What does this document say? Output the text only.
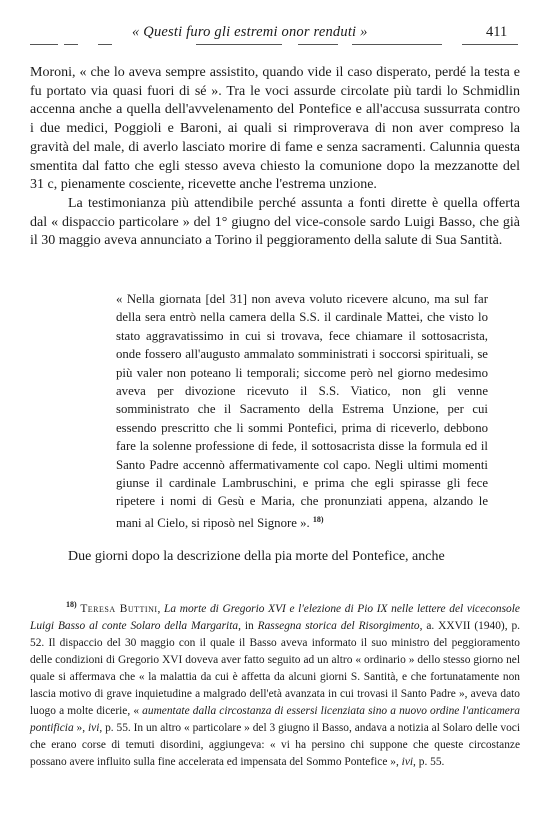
« Questi furo gli estremi onor renduti »	411

Moroni, « che lo aveva sempre assistito, quando vide il caso disperato, perdé la testa e fu portato via quasi fuori di sé ». Tra le voci assurde circolate più tardi lo Schmidlin accenna anche a quella dell'avvelenamento del Pontefice e all'accusa sussurrata contro i due medici, Poggioli e Baroni, ai quali si rimproverava di non aver compreso la gravità del male, di averlo lasciato morire di fame e senza sacramenti. Calunnia questa smentita dal fatto che egli stesso aveva chiesto la comunione dopo la mezzanotte del 31 c, pienamente cosciente, ricevette anche l'estrema unzione.

La testimonianza più attendibile perché assunta a fonti dirette è quella offerta dal « dispaccio particolare » del 1° giugno del vice-console sardo Luigi Basso, che già il 30 maggio aveva annunciato a Torino il peggioramento della salute di Sua Santità.

« Nella giornata [del 31] non aveva voluto ricevere alcuno, ma sul far della sera entrò nella camera della S.S. il cardinale Mattei, che visto lo stato aggravatissimo in cui si trovava, fece chiamare il sottosacrista, onde fossero all'augusto ammalato somministrati i soccorsi spirituali, se più valer non poteano li temporali; siccome però nel giorno medesimo aveva per divozione ricevuto il S.S. Viatico, non gli venne somministrato che il Sacramento della Estrema Unzione, per cui essendo prescritto che li sommi Pontefici, prima di riceverlo, debbono fare la solenne professione di fede, il sottosacrista disse la formula ed il Santo Padre accennò affermativamente col capo. Negli ultimi momenti giunse il cardinale Lambruschini, e prima che egli spirasse gli fece ripetere i nomi di Gesù e Maria, che pronunziati appena, alzando le mani al Cielo, si riposò nel Signore ». $^{18)}$

Due giorni dopo la descrizione della pia morte del Pontefice, anche

$^{18)}$ Teresa Buttini, La morte di Gregorio XVI e l'elezione di Pio IX nelle lettere del viceconsole Luigi Basso al conte Solaro della Margarita, in Rassegna storica del Risorgimento, a. XXVII (1940), p. 52. Il dispaccio del 30 maggio con il quale il Basso aveva informato il suo ministro del peggioramento delle condizioni di Gregorio XVI doveva aver fatto seguito ad un altro « ordinario » dello stesso giorno nel quale si affermava che « la malattia da cui è affetta da alcuni giorni S. Santità, e che fortunatamente non lascia motivo di grave inquietudine a malgrado dell'età avanzata in cui trovasi il Santo Padre », aveva dato luogo a molte dicerie, « aumentate dalla circostanza di essersi licenziata sino a nuovo ordine l'anticamera pontificia », ivi, p. 55. In un altro « particolare » del 3 giugno il Basso, andava a notizia al Solaro delle voci che erano corse di temuti disordini, aggiungeva: « vi ha persino chi suppone che queste circostanze possano avere influito sulla fine accelerata ed impensata del Sommo Pontefice », ivi, p. 55.
